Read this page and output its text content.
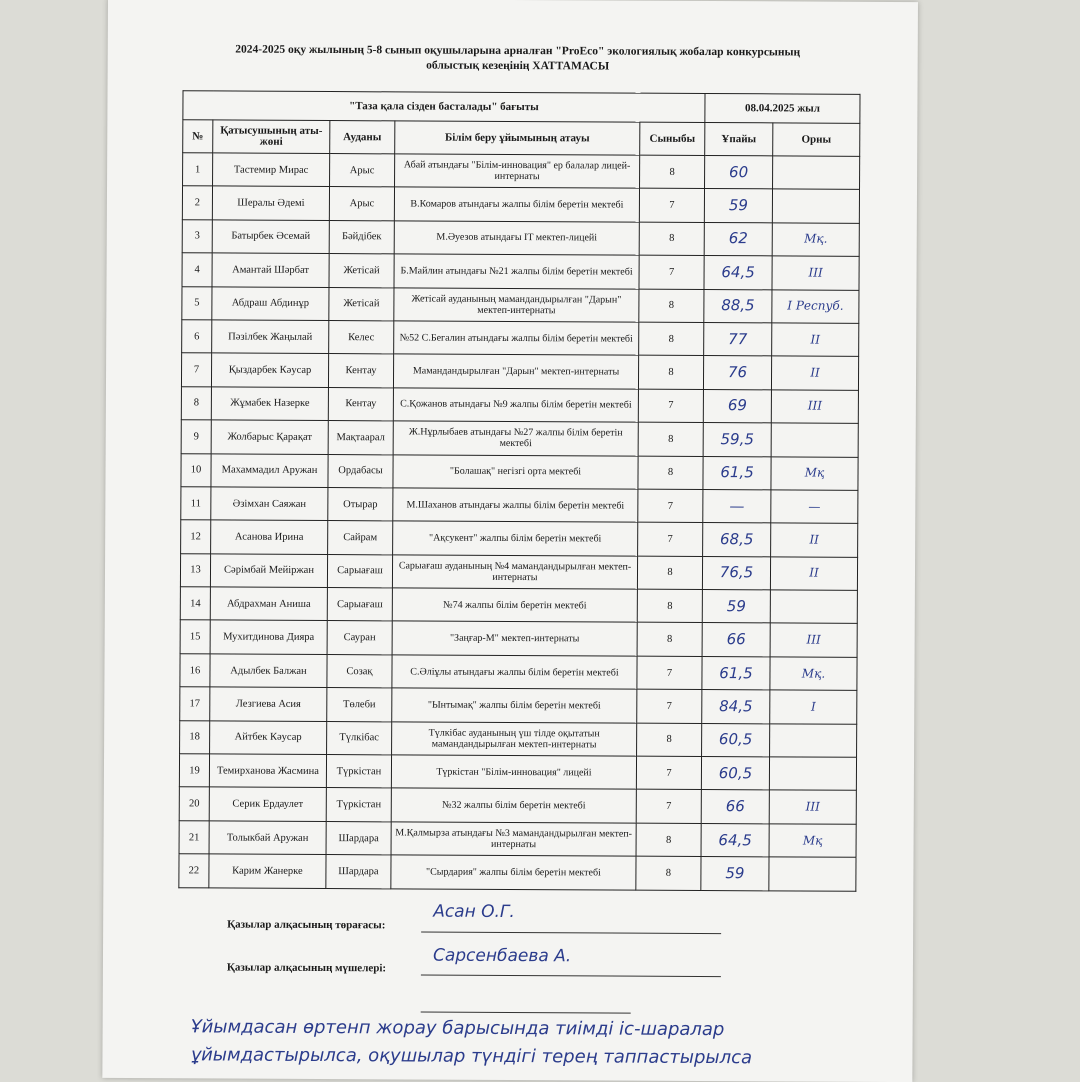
2024-2025 оқу жылының 5-8 сынып оқушыларына арналған "ProEco" экологиялық жобалар конкурсының
облыстық кезеңінің ХАТТАМАСЫ
"Таза қала сізден басталады" бағыты					08.04.2025 жыл	
№	Қатысушының аты-жөні	Ауданы	Білім беру ұйымының атауы	Сыныбы	Ұпайы	Орны
1	Тастемир Мирас	Арыс	Абай атындағы "Білім-инновация" ер балалар лицей-интернаты	8	60	
2	Шералы Әдемі	Арыс	В.Комаров атындағы жалпы білім беретін мектебі	7	59	
3	Батырбек Әсемай	Бәйдібек	М.Әуезов атындағы IT мектеп-лицейі	8	62	Мқ.
4	Амантай Шәрбат	Жетісай	Б.Майлин атындағы №21 жалпы білім беретін мектебі	7	64,5	III
5	Абдраш Абдинұр	Жетісай	Жетісай ауданының мамандандырылған "Дарын" мектеп-интернаты	8	88,5	I Респуб.
6	Пәзілбек Жаңылай	Келес	№52 С.Бегалин атындағы жалпы білім беретін мектебі	8	77	II
7	Қыздарбек Кәусар	Кентау	Мамандандырылған "Дарын" мектеп-интернаты	8	76	II
8	Жұмабек Назерке	Кентау	С.Қожанов атындағы №9 жалпы білім беретін мектебі	7	69	III
9	Жолбарыс Қарақат	Мақтаарал	Ж.Нұрлыбаев атындағы №27 жалпы білім беретін мектебі	8	59,5	
10	Махаммадил Аружан	Ордабасы	"Болашақ" негізгі орта мектебі	8	61,5	Мқ
11	Әзімхан Саяжан	Отырар	М.Шаханов атындағы жалпы білім беретін мектебі	7	—	—
12	Асанова Ирина	Сайрам	"Ақсукент" жалпы білім беретін мектебі	7	68,5	II
13	Сәрімбай Мейіржан	Сарыағаш	Сарыағаш ауданының №4 мамандандырылған мектеп-интернаты	8	76,5	II
14	Абдрахман Аниша	Сарыағаш	№74 жалпы білім беретін мектебі	8	59	
15	Мухитдинова Дияра	Сауран	"Заңғар-М" мектеп-интернаты	8	66	III
16	Адылбек Балжан	Созақ	С.Әліұлы атындағы жалпы білім беретін мектебі	7	61,5	Мқ.
17	Лезгиева Асия	Төлеби	"Ынтымақ" жалпы білім беретін мектебі	7	84,5	I
18	Айтбек Кәусар	Түлкібас	Түлкібас ауданының үш тілде оқытатын мамандандырылған мектеп-интернаты	8	60,5	
19	Темирханова Жасмина	Түркістан	Түркістан "Білім-инновация" лицейі	7	60,5	
20	Серик Ердаулет	Түркістан	№32 жалпы білім беретін мектебі	7	66	III
21	Толыкбай Аружан	Шардара	М.Қалмырза атындағы №3 мамандандырылған мектеп-интернаты	8	64,5	Мқ
22	Карим Жанерке	Шардара	"Сырдария" жалпы білім беретін мектебі	8	59	
Қазылар алқасының төрағасы:
Асан О.Г.
Қазылар алқасының мүшелері:
Сарсенбаева А.
Ұйымдасан өртенп жорау барысында тиімді іс-шаралар
ұйымдастырылса, оқушылар түндігі терең таппастырылса
